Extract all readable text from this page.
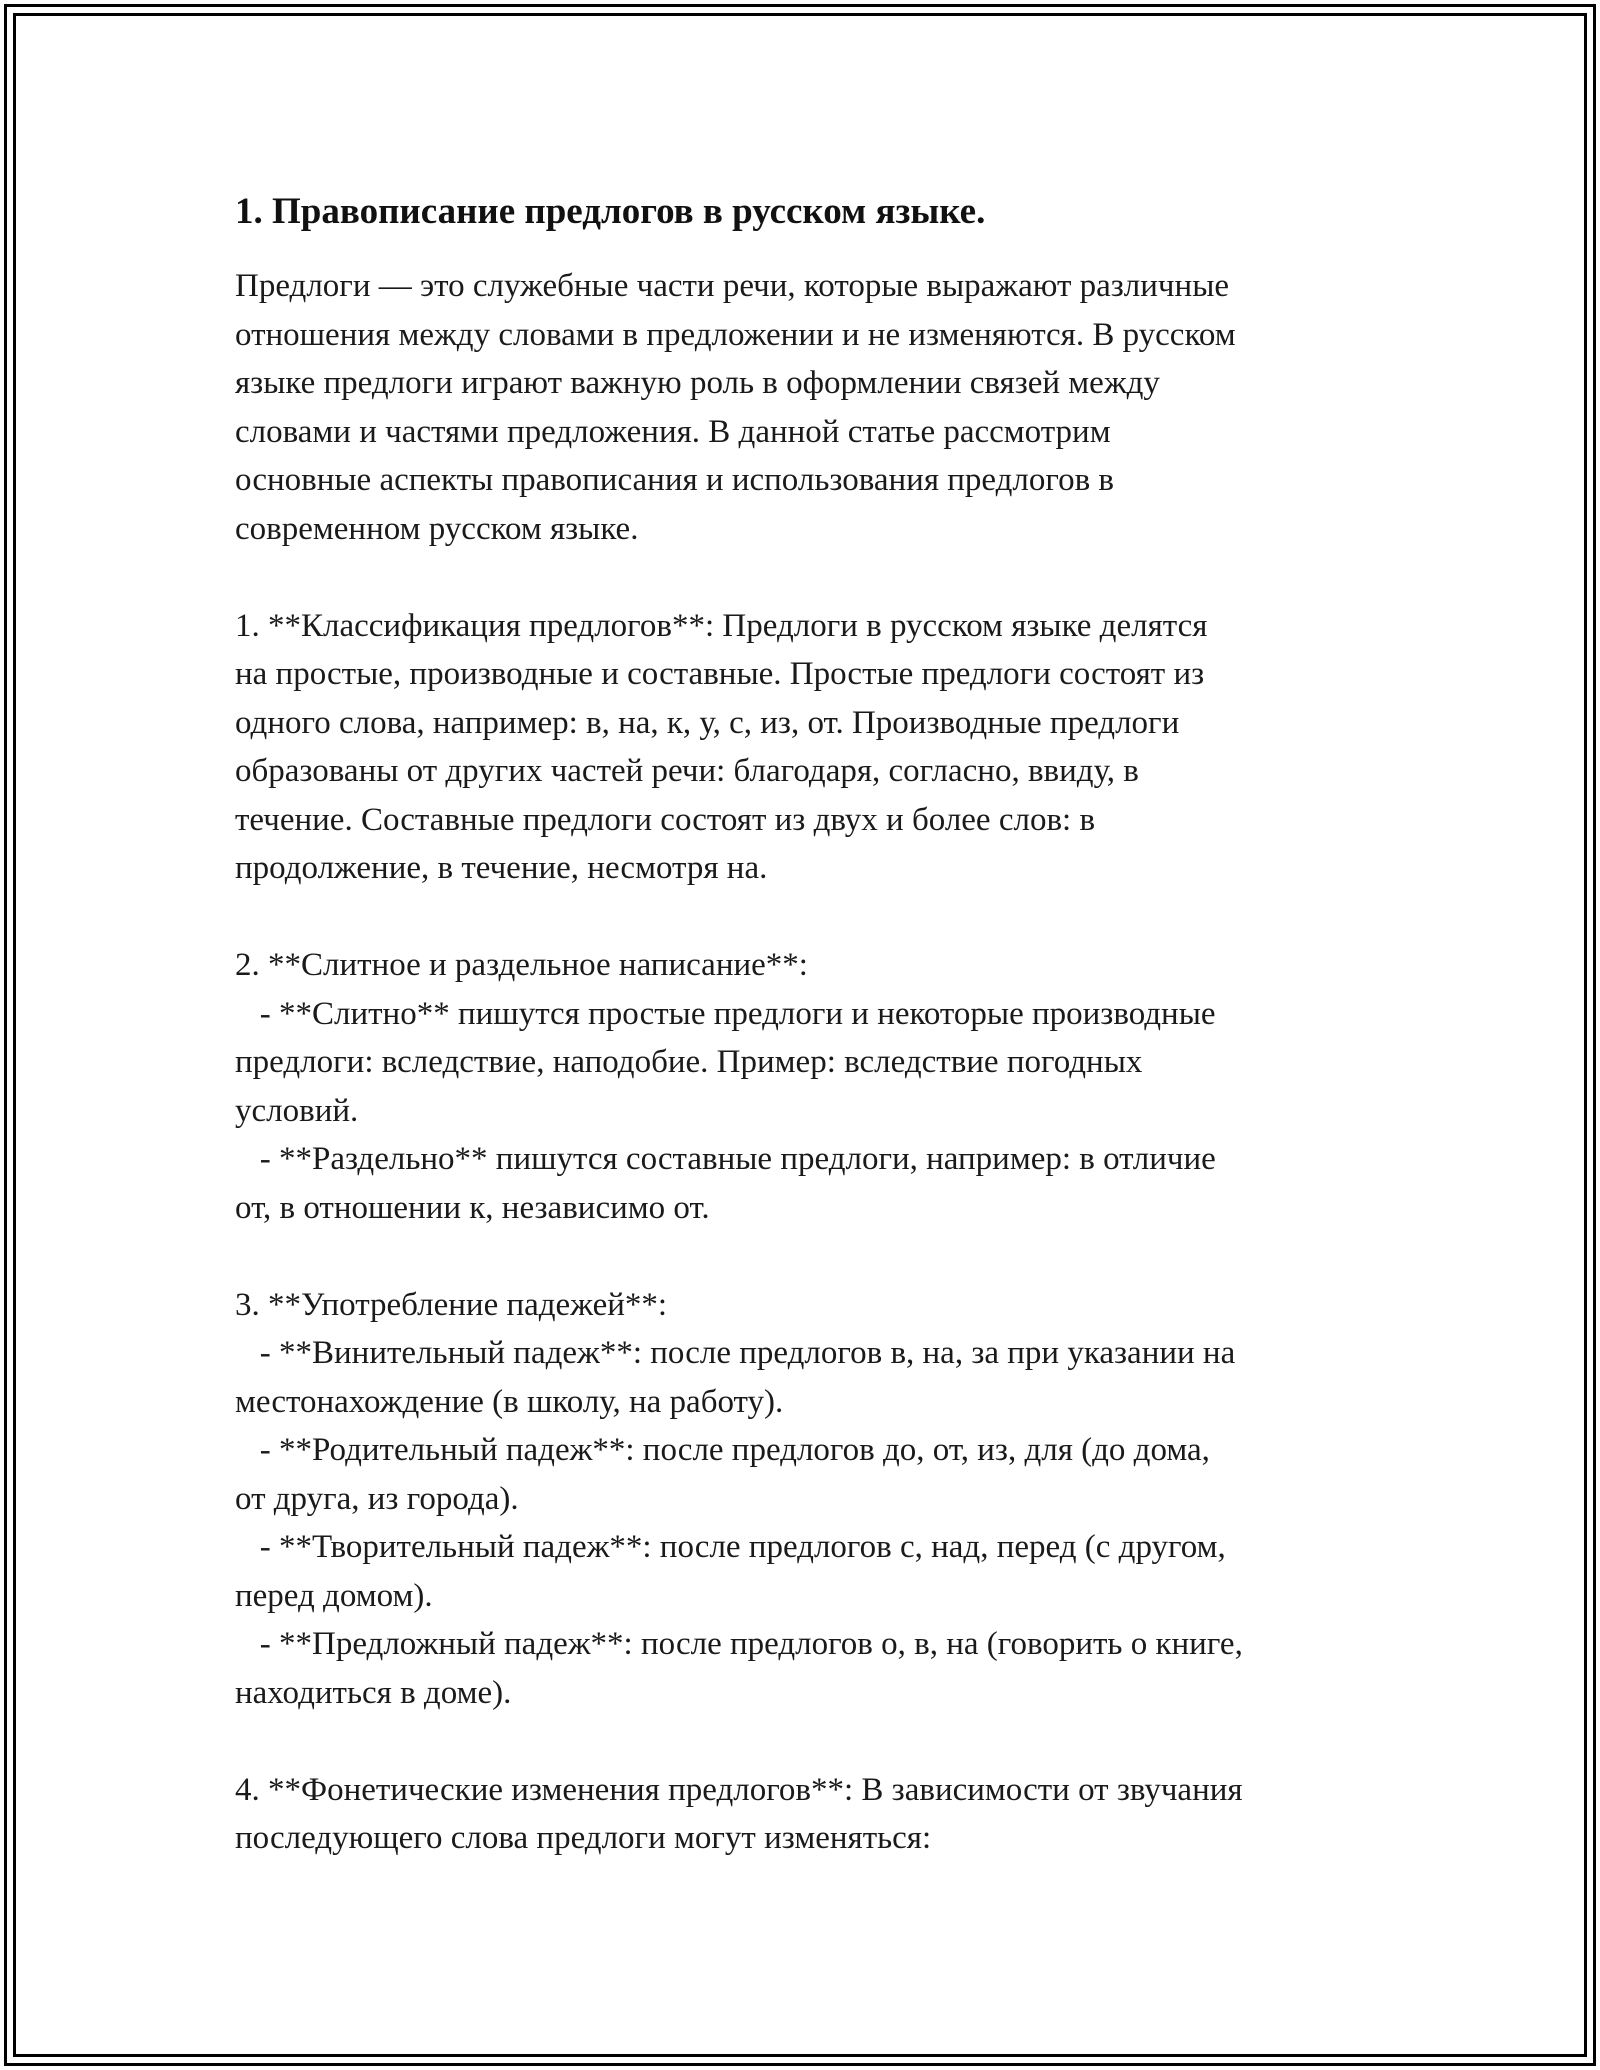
1. Правописание предлогов в русском языке.

Предлоги — это служебные части речи, которые выражают различные
отношения между словами в предложении и не изменяются. В русском
языке предлоги играют важную роль в оформлении связей между
словами и частями предложения. В данной статье рассмотрим
основные аспекты правописания и использования предлогов в
современном русском языке.

1. **Классификация предлогов**: Предлоги в русском языке делятся
на простые, производные и составные. Простые предлоги состоят из
одного слова, например: в, на, к, у, с, из, от. Производные предлоги
образованы от других частей речи: благодаря, согласно, ввиду, в
течение. Составные предлоги состоят из двух и более слов: в
продолжение, в течение, несмотря на.

2. **Слитное и раздельное написание**:
- **Слитно** пишутся простые предлоги и некоторые производные
предлоги: вследствие, наподобие. Пример: вследствие погодных
условий.
- **Раздельно** пишутся составные предлоги, например: в отличие
от, в отношении к, независимо от.

3. **Употребление падежей**:
- **Винительный падеж**: после предлогов в, на, за при указании на
местонахождение (в школу, на работу).
- **Родительный падеж**: после предлогов до, от, из, для (до дома,
от друга, из города).
- **Творительный падеж**: после предлогов с, над, перед (с другом,
перед домом).
- **Предложный падеж**: после предлогов о, в, на (говорить о книге,
находиться в доме).

4. **Фонетические изменения предлогов**: В зависимости от звучания
последующего слова предлоги могут изменяться:
